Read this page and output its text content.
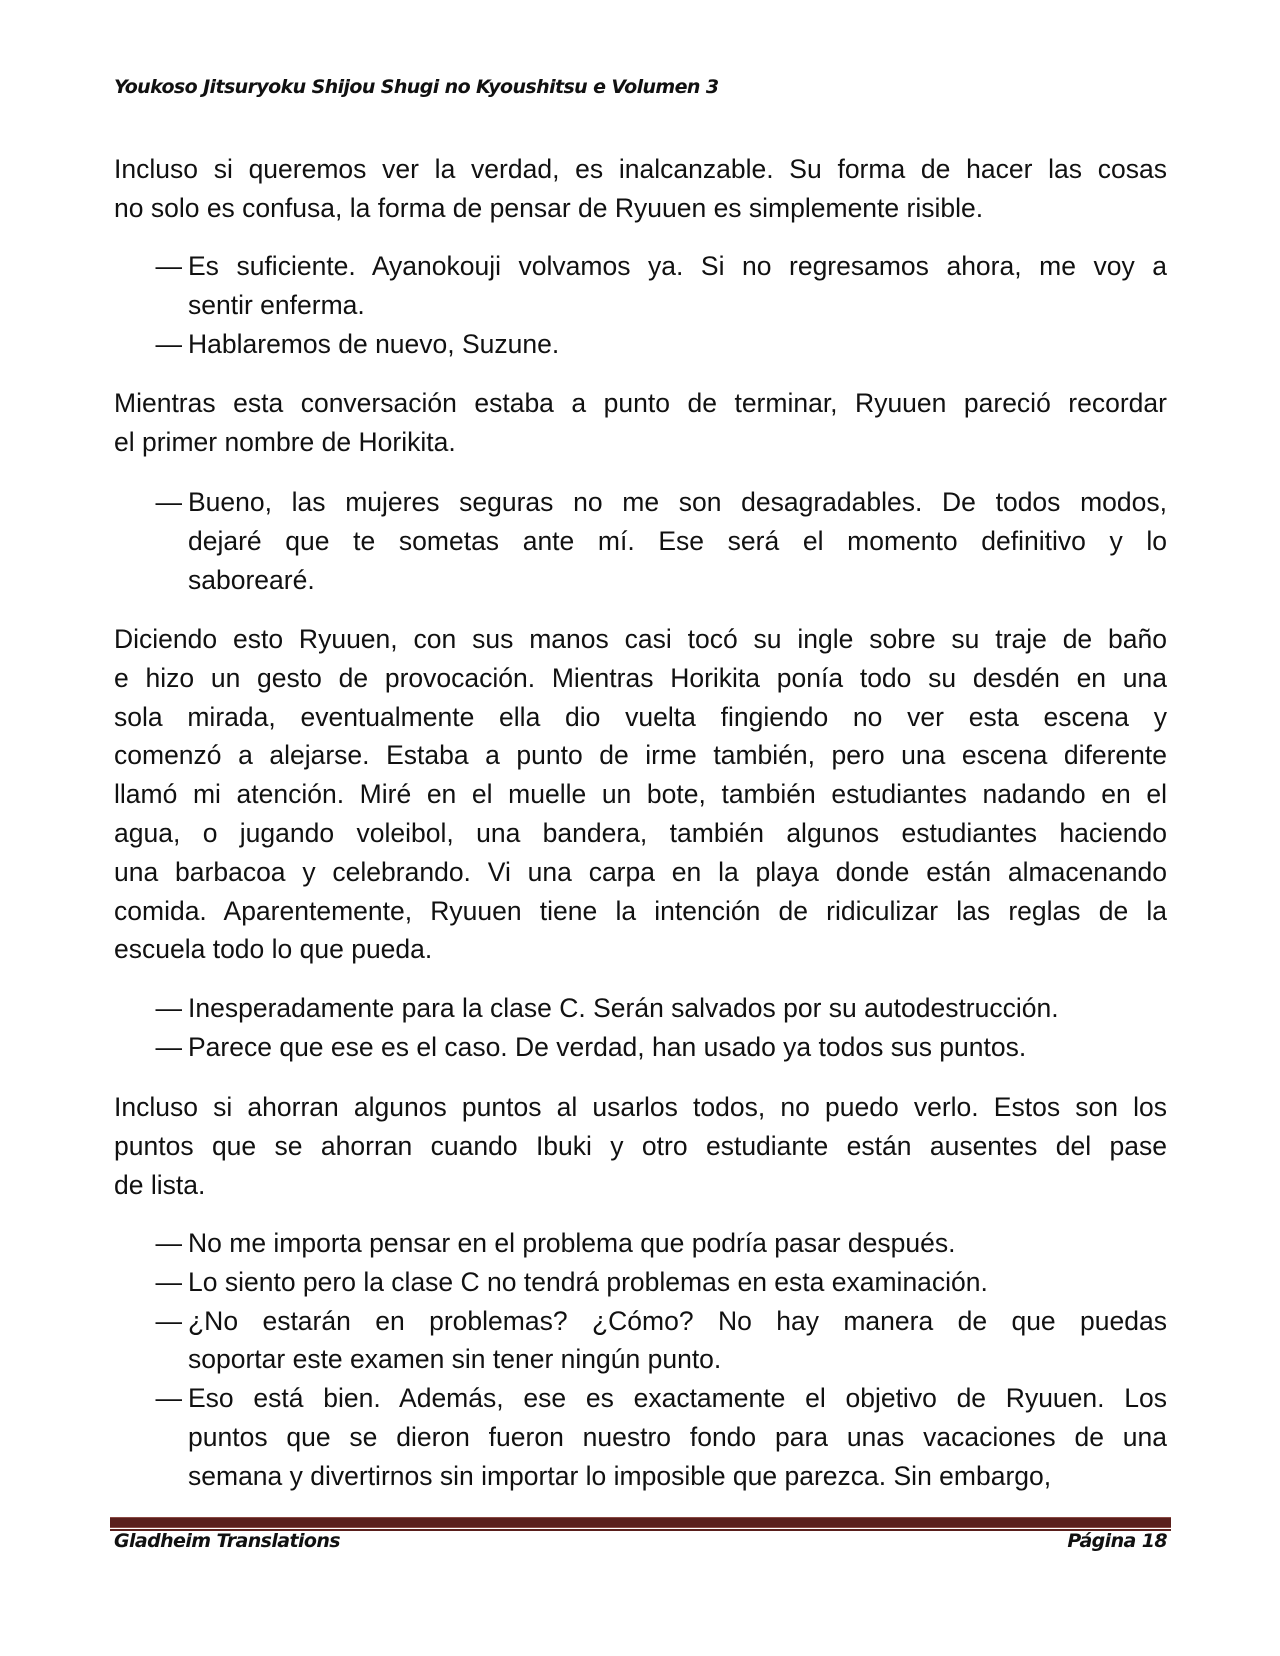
Youkoso Jitsuryoku Shijou Shugi no Kyoushitsu e Volumen 3
Incluso si queremos ver la verdad, es inalcanzable. Su forma de hacer las cosas
no solo es confusa, la forma de pensar de Ryuuen es simplemente risible.
— Es suficiente. Ayanokouji volvamos ya. Si no regresamos ahora, me voy a
sentir enferma.
— Hablaremos de nuevo, Suzune.
Mientras esta conversación estaba a punto de terminar, Ryuuen pareció recordar
el primer nombre de Horikita.
— Bueno, las mujeres seguras no me son desagradables. De todos modos,
dejaré que te sometas ante mí. Ese será el momento definitivo y lo
saborearé.
Diciendo esto Ryuuen, con sus manos casi tocó su ingle sobre su traje de baño
e hizo un gesto de provocación. Mientras Horikita ponía todo su desdén en una
sola mirada, eventualmente ella dio vuelta fingiendo no ver esta escena y
comenzó a alejarse. Estaba a punto de irme también, pero una escena diferente
llamó mi atención. Miré en el muelle un bote, también estudiantes nadando en el
agua, o jugando voleibol, una bandera, también algunos estudiantes haciendo
una barbacoa y celebrando. Vi una carpa en la playa donde están almacenando
comida. Aparentemente, Ryuuen tiene la intención de ridiculizar las reglas de la
escuela todo lo que pueda.
— Inesperadamente para la clase C. Serán salvados por su autodestrucción.
— Parece que ese es el caso. De verdad, han usado ya todos sus puntos.
Incluso si ahorran algunos puntos al usarlos todos, no puedo verlo. Estos son los
puntos que se ahorran cuando Ibuki y otro estudiante están ausentes del pase
de lista.
— No me importa pensar en el problema que podría pasar después.
— Lo siento pero la clase C no tendrá problemas en esta examinación.
— ¿No estarán en problemas? ¿Cómo? No hay manera de que puedas
soportar este examen sin tener ningún punto.
— Eso está bien. Además, ese es exactamente el objetivo de Ryuuen. Los
puntos que se dieron fueron nuestro fondo para unas vacaciones de una
semana y divertirnos sin importar lo imposible que parezca. Sin embargo,
Gladheim Translations	Página 18
